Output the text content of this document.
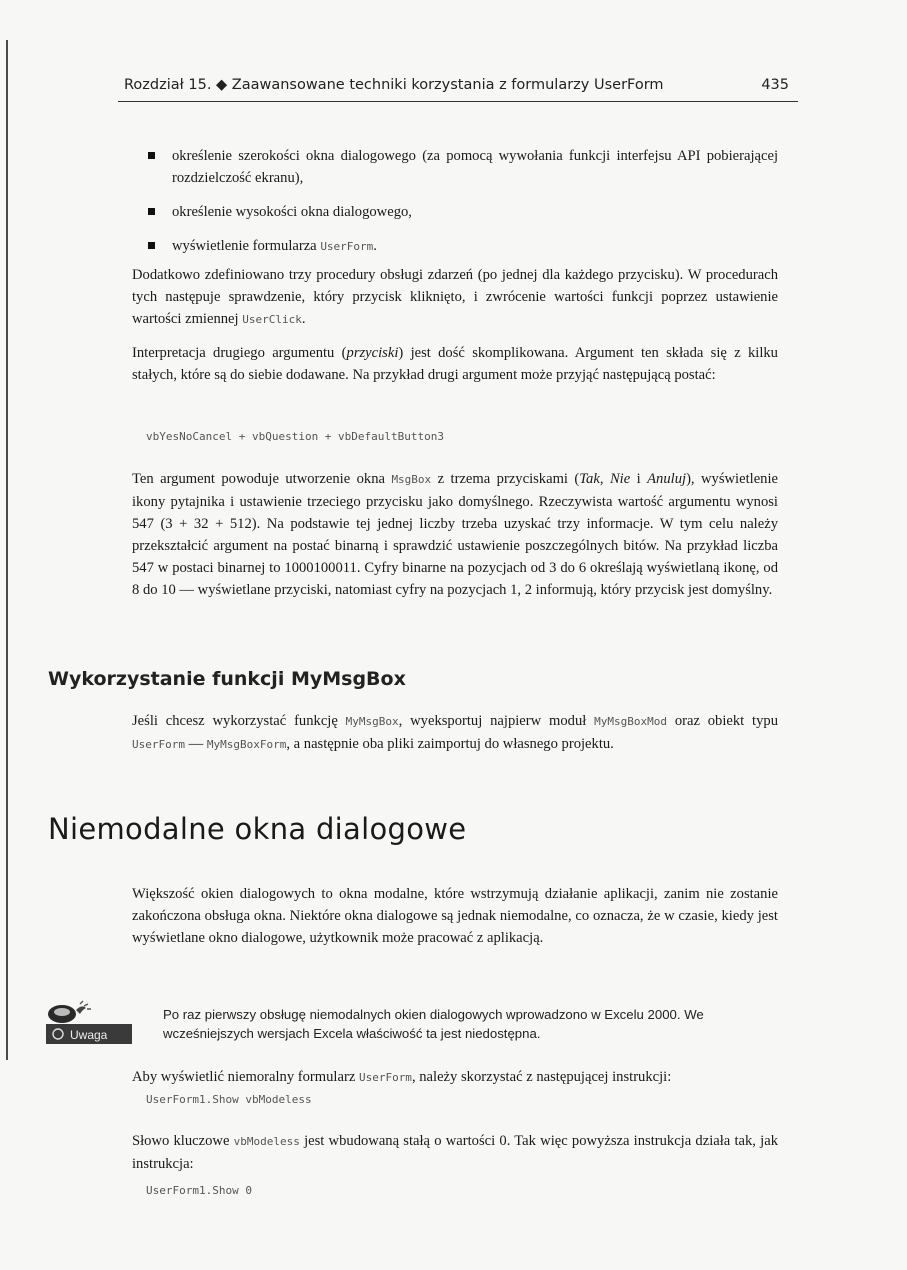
Rozdział 15. ◆ Zaawansowane techniki korzystania z formularzy UserForm	435
określenie szerokości okna dialogowego (za pomocą wywołania funkcji interfejsu API pobierającej rozdzielczość ekranu),
określenie wysokości okna dialogowego,
wyświetlenie formularza UserForm.

Dodatkowo zdefiniowano trzy procedury obsługi zdarzeń (po jednej dla każdego przycisku). W procedurach tych następuje sprawdzenie, który przycisk kliknięto, i zwrócenie wartości funkcji poprzez ustawienie wartości zmiennej UserClick.

Interpretacja drugiego argumentu (przyciski) jest dość skomplikowana. Argument ten składa się z kilku stałych, które są do siebie dodawane. Na przykład drugi argument może przyjąć następującą postać:

vbYesNoCancel + vbQuestion + vbDefaultButton3

Ten argument powoduje utworzenie okna MsgBox z trzema przyciskami (Tak, Nie i Anuluj), wyświetlenie ikony pytajnika i ustawienie trzeciego przycisku jako domyślnego. Rzeczywista wartość argumentu wynosi 547 (3 + 32 + 512). Na podstawie tej jednej liczby trzeba uzyskać trzy informacje. W tym celu należy przekształcić argument na postać binarną i sprawdzić ustawienie poszczególnych bitów. Na przykład liczba 547 w postaci binarnej to 1000100011. Cyfry binarne na pozycjach od 3 do 6 określają wyświetlaną ikonę, od 8 do 10 — wyświetlane przyciski, natomiast cyfry na pozycjach 1, 2 informują, który przycisk jest domyślny.

Wykorzystanie funkcji MyMsgBox

Jeśli chcesz wykorzystać funkcję MyMsgBox, wyeksportuj najpierw moduł MyMsgBoxMod oraz obiekt typu UserForm — MyMsgBoxForm, a następnie oba pliki zaimportuj do własnego projektu.

Niemodalne okna dialogowe

Większość okien dialogowych to okna modalne, które wstrzymują działanie aplikacji, zanim nie zostanie zakończona obsługa okna. Niektóre okna dialogowe są jednak niemodalne, co oznacza, że w czasie, kiedy jest wyświetlane okno dialogowe, użytkownik może pracować z aplikacją.

Uwaga

Po raz pierwszy obsługę niemodalnych okien dialogowych wprowadzono w Excelu 2000. We wcześniejszych wersjach Excela właściwość ta jest niedostępna.

Aby wyświetlić niemoralny formularz UserForm, należy skorzystać z następującej instrukcji:

UserForm1.Show vbModeless

Słowo kluczowe vbModeless jest wbudowaną stałą o wartości 0. Tak więc powyższa instrukcja działa tak, jak instrukcja:

UserForm1.Show 0
